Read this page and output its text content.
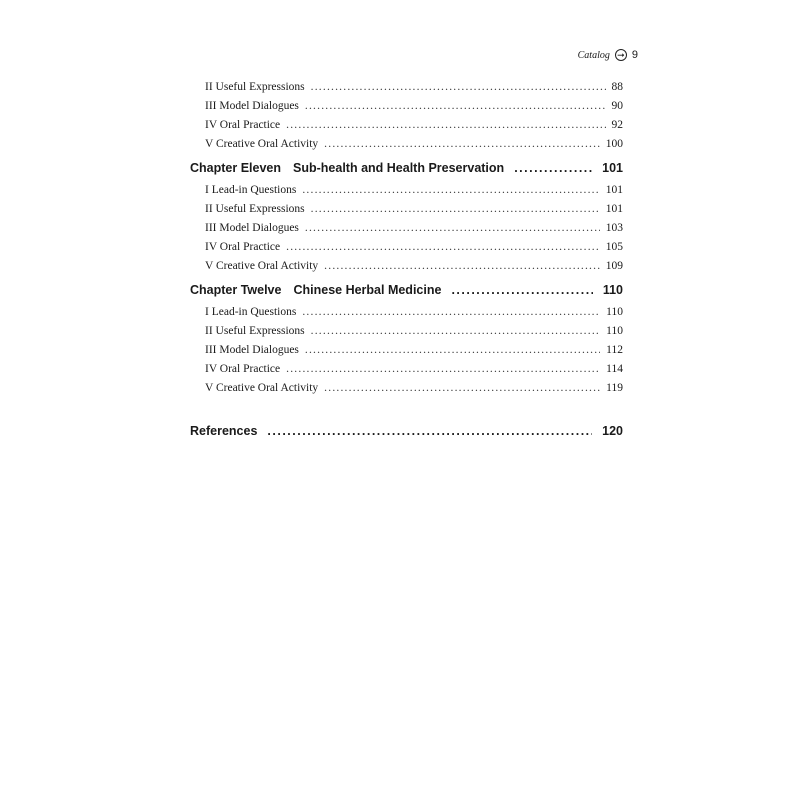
Catalog ➞ 9
II Useful Expressions .....	88
III Model Dialogues .....	90
IV Oral Practice .....	92
V Creative Oral Activity .....	100
Chapter Eleven Sub-health and Health Preservation .....	101
I Lead-in Questions .....	101
II Useful Expressions .....	101
III Model Dialogues .....	103
IV Oral Practice .....	105
V Creative Oral Activity .....	109
Chapter Twelve Chinese Herbal Medicine .....	110
I Lead-in Questions .....	110
II Useful Expressions .....	110
III Model Dialogues .....	112
IV Oral Practice .....	114
V Creative Oral Activity .....	119
References .....	120
